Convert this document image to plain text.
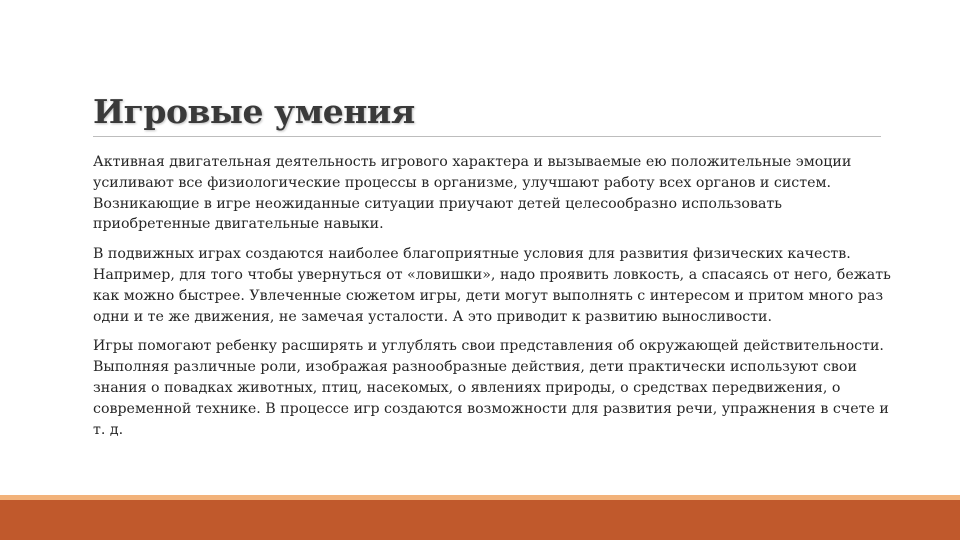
Игровые умения

Активная двигательная деятельность игрового характера и вызываемые ею положительные эмоции усиливают все физиологические процессы в организме, улучшают работу всех органов и систем. Возникающие в игре неожиданные ситуации приучают детей целесообразно использовать приобретенные двигательные навыки.

В подвижных играх создаются наиболее благоприятные условия для развития физических качеств. Например, для того чтобы увернуться от «ловишки», надо проявить ловкость, а спасаясь от него, бежать как можно быстрее. Увлеченные сюжетом игры, дети могут выполнять с интересом и притом много раз одни и те же движения, не замечая усталости. А это приводит к развитию выносливости.

Игры помогают ребенку расширять и углублять свои представления об окружающей действительности. Выполняя различные роли, изображая разнообразные действия, дети практически используют свои знания о повадках животных, птиц, насекомых, о явлениях природы, о средствах передвижения, о современной технике. В процессе игр создаются возможности для развития речи, упражнения в счете и т. д.
